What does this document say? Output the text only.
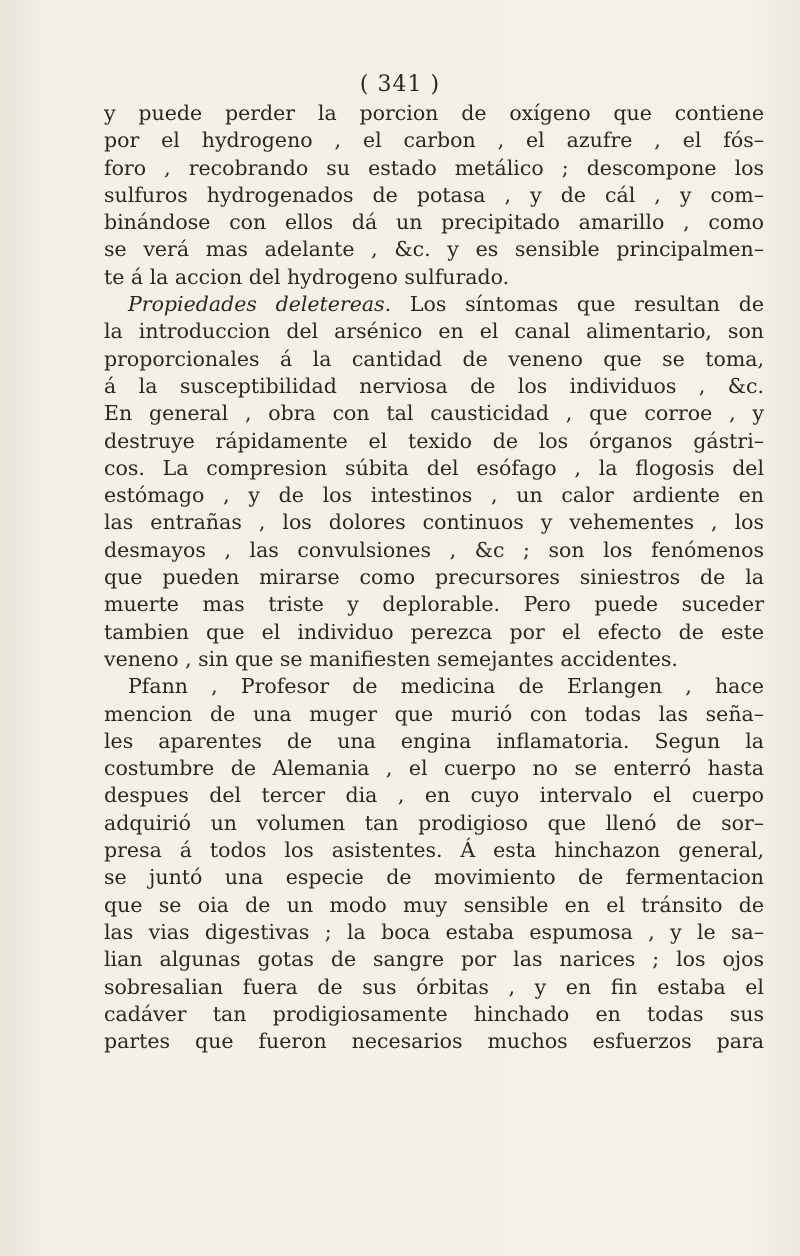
( 341 )
y puede perder la porcion de oxígeno que contiene
por el hydrogeno , el carbon , el azufre , el fós–
foro , recobrando su estado metálico ; descompone los
sulfuros hydrogenados de potasa , y de cál , y com–
binándose con ellos dá un precipitado amarillo , como
se verá mas adelante , &c. y es sensible principalmen–
te á la accion del hydrogeno sulfurado.
Propiedades deletereas. Los síntomas que resultan de
la introduccion del arsénico en el canal alimentario, son
proporcionales á la cantidad de veneno que se toma,
á la susceptibilidad nerviosa de los individuos , &c.
En general , obra con tal causticidad , que corroe , y
destruye rápidamente el texido de los órganos gástri–
cos. La compresion súbita del esófago , la flogosis del
estómago , y de los intestinos , un calor ardiente en
las entrañas , los dolores continuos y vehementes , los
desmayos , las convulsiones , &c ; son los fenómenos
que pueden mirarse como precursores siniestros de la
muerte mas triste y deplorable. Pero puede suceder
tambien que el individuo perezca por el efecto de este
veneno , sin que se manifiesten semejantes accidentes.
Pfann , Profesor de medicina de Erlangen , hace
mencion de una muger que murió con todas las seña–
les aparentes de una engina inflamatoria. Segun la
costumbre de Alemania , el cuerpo no se enterró hasta
despues del tercer dia , en cuyo intervalo el cuerpo
adquirió un volumen tan prodigioso que llenó de sor–
presa á todos los asistentes. Á esta hinchazon general,
se juntó una especie de movimiento de fermentacion
que se oia de un modo muy sensible en el tránsito de
las vias digestivas ; la boca estaba espumosa , y le sa–
lian algunas gotas de sangre por las narices ; los ojos
sobresalian fuera de sus órbitas , y en fin estaba el
cadáver tan prodigiosamente hinchado en todas sus
partes que fueron necesarios muchos esfuerzos para
